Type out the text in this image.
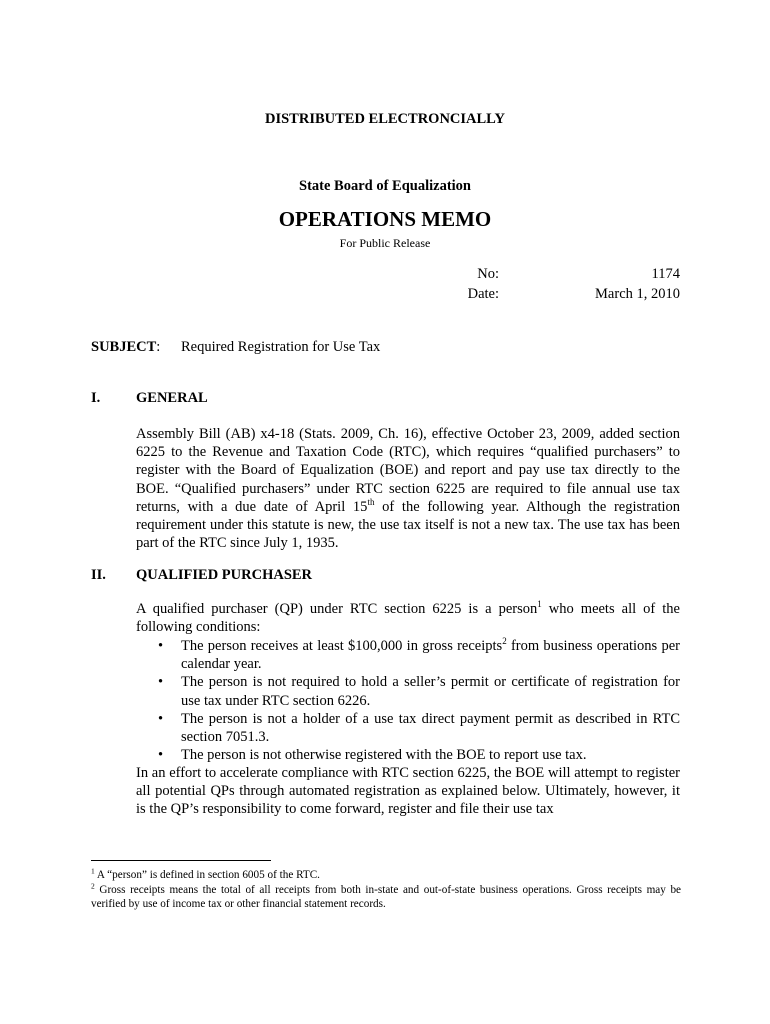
DISTRIBUTED ELECTRONCIALLY
State Board of Equalization
OPERATIONS MEMO
For Public Release
No:	1174
Date:	March 1, 2010
SUBJECT: Required Registration for Use Tax
I. GENERAL
Assembly Bill (AB) x4-18 (Stats. 2009, Ch. 16), effective October 23, 2009, added section 6225 to the Revenue and Taxation Code (RTC), which requires “qualified purchasers” to register with the Board of Equalization (BOE) and report and pay use tax directly to the BOE. “Qualified purchasers” under RTC section 6225 are required to file annual use tax returns, with a due date of April 15th of the following year. Although the registration requirement under this statute is new, the use tax itself is not a new tax. The use tax has been part of the RTC since July 1, 1935.
II. QUALIFIED PURCHASER
A qualified purchaser (QP) under RTC section 6225 is a person$^1$ who meets all of the following conditions:
• The person receives at least $100,000 in gross receipts$^2$ from business operations per calendar year.
• The person is not required to hold a seller’s permit or certificate of registration for use tax under RTC section 6226.
• The person is not a holder of a use tax direct payment permit as described in RTC section 7051.3.
• The person is not otherwise registered with the BOE to report use tax.
In an effort to accelerate compliance with RTC section 6225, the BOE will attempt to register all potential QPs through automated registration as explained below. Ultimately, however, it is the QP’s responsibility to come forward, register and file their use tax
$^1$ A “person” is defined in section 6005 of the RTC.
$^2$ Gross receipts means the total of all receipts from both in-state and out-of-state business operations. Gross receipts may be verified by use of income tax or other financial statement records.
